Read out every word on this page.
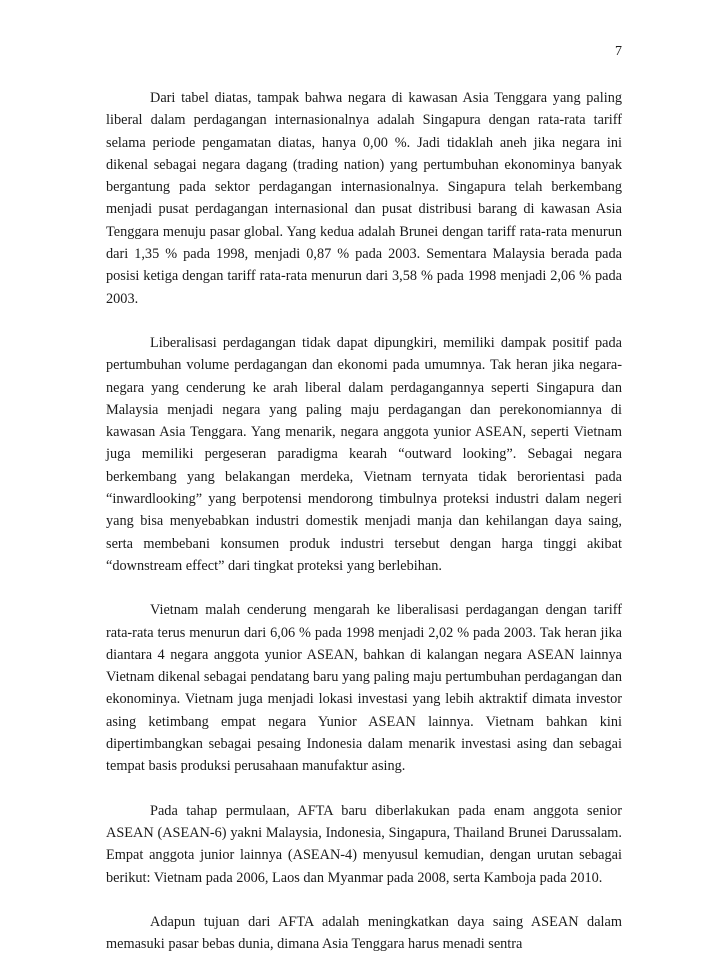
7

Dari tabel diatas, tampak bahwa negara di kawasan Asia Tenggara yang paling liberal dalam perdagangan internasionalnya adalah Singapura dengan rata-rata tariff selama periode pengamatan diatas, hanya 0,00 %. Jadi tidaklah aneh jika negara ini dikenal sebagai negara dagang (trading nation) yang pertumbuhan ekonominya banyak bergantung pada sektor perdagangan internasionalnya. Singapura telah berkembang menjadi pusat perdagangan internasional dan pusat distribusi barang di kawasan Asia Tenggara menuju pasar global. Yang kedua adalah Brunei dengan tariff rata-rata menurun dari 1,35 % pada 1998, menjadi 0,87 % pada 2003. Sementara Malaysia berada pada posisi ketiga dengan tariff rata-rata menurun dari 3,58 % pada 1998 menjadi 2,06 % pada 2003.

Liberalisasi perdagangan tidak dapat dipungkiri, memiliki dampak positif pada pertumbuhan volume perdagangan dan ekonomi pada umumnya. Tak heran jika negara-negara yang cenderung ke arah liberal dalam perdagangannya seperti Singapura dan Malaysia menjadi negara yang paling maju perdagangan dan perekonomiannya di kawasan Asia Tenggara. Yang menarik, negara anggota yunior ASEAN, seperti Vietnam juga memiliki pergeseran paradigma kearah “outward looking”. Sebagai negara berkembang yang belakangan merdeka, Vietnam ternyata tidak berorientasi pada “inwardlooking” yang berpotensi mendorong timbulnya proteksi industri dalam negeri yang bisa menyebabkan industri domestik menjadi manja dan kehilangan daya saing, serta membebani konsumen produk industri tersebut dengan harga tinggi akibat “downstream effect” dari tingkat proteksi yang berlebihan.

Vietnam malah cenderung mengarah ke liberalisasi perdagangan dengan tariff rata-rata terus menurun dari 6,06 % pada 1998 menjadi 2,02 % pada 2003. Tak heran jika diantara 4 negara anggota yunior ASEAN, bahkan di kalangan negara ASEAN lainnya Vietnam dikenal sebagai pendatang baru yang paling maju pertumbuhan perdagangan dan ekonominya. Vietnam juga menjadi lokasi investasi yang lebih aktraktif dimata investor asing ketimbang empat negara Yunior ASEAN lainnya. Vietnam bahkan kini dipertimbangkan sebagai pesaing Indonesia dalam menarik investasi asing dan sebagai tempat basis produksi perusahaan manufaktur asing.

Pada tahap permulaan, AFTA baru diberlakukan pada enam anggota senior ASEAN (ASEAN-6) yakni Malaysia, Indonesia, Singapura, Thailand Brunei Darussalam. Empat anggota junior lainnya (ASEAN-4) menyusul kemudian, dengan urutan sebagai berikut: Vietnam pada 2006, Laos dan Myanmar pada 2008, serta Kamboja pada 2010.

Adapun tujuan dari AFTA adalah meningkatkan daya saing ASEAN dalam memasuki pasar bebas dunia, dimana Asia Tenggara harus menadi sentra
